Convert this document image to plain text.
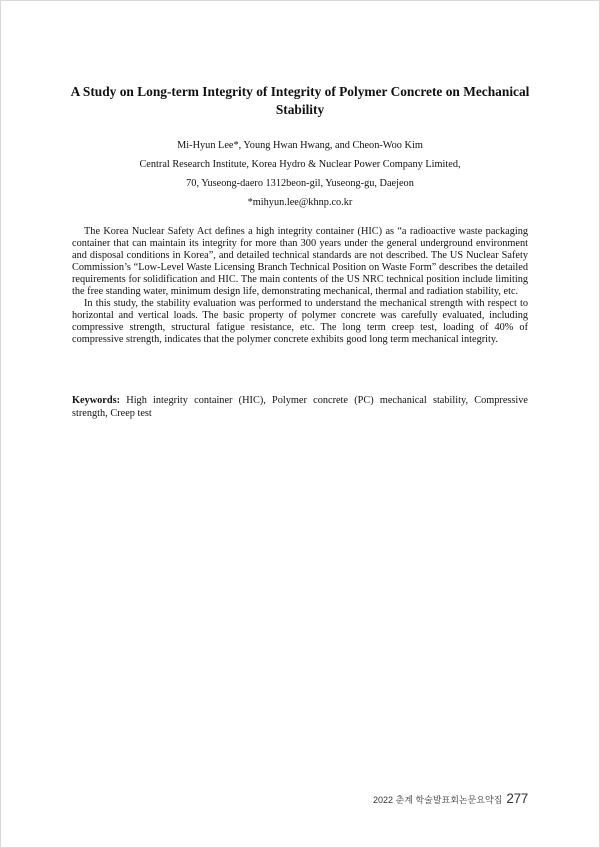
A Study on Long-term Integrity of Integrity of Polymer Concrete on Mechanical Stability
Mi-Hyun Lee*, Young Hwan Hwang, and Cheon-Woo Kim
Central Research Institute, Korea Hydro & Nuclear Power Company Limited,
70, Yuseong-daero 1312beon-gil, Yuseong-gu, Daejeon
*mihyun.lee@khnp.co.kr

The Korea Nuclear Safety Act defines a high integrity container (HIC) as “a radioactive waste packaging container that can maintain its integrity for more than 300 years under the general underground environment and disposal conditions in Korea”, and detailed technical standards are not described. The US Nuclear Safety Commission’s “Low-Level Waste Licensing Branch Technical Position on Waste Form” describes the detailed requirements for solidification and HIC. The main contents of the US NRC technical position include limiting the free standing water, minimum design life, demonstrating mechanical, thermal and radiation stability, etc.

In this study, the stability evaluation was performed to understand the mechanical strength with respect to horizontal and vertical loads. The basic property of polymer concrete was carefully evaluated, including compressive strength, structural fatigue resistance, etc. The long term creep test, loading of 40% of compressive strength, indicates that the polymer concrete exhibits good long term mechanical integrity.

Keywords: High integrity container (HIC), Polymer concrete (PC) mechanical stability, Compressive strength, Creep test
2022 춘계 학술발표회논문요약집 277
